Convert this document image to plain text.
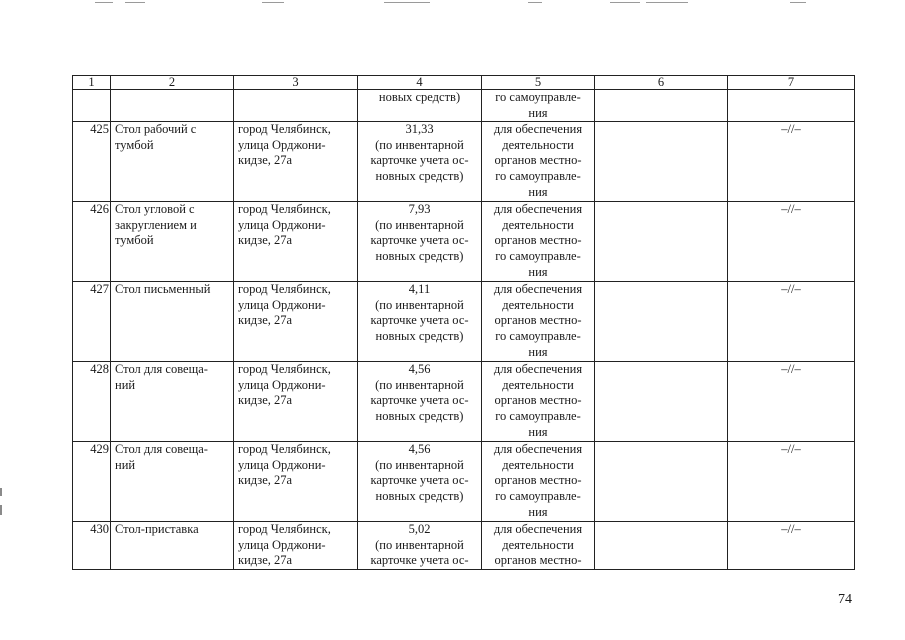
1	2	3	4	5	6	7

			новых средств)	го самоуправле-
ния		

425	Стол рабочий с
тумбой	город Челябинск,
улица Орджони-
кидзе, 27а	31,33
(по инвентарной
карточке учета ос-
новных средств)	для обеспечения
деятельности
органов местно-
го самоуправле-
ния		–//–
426	Стол угловой с
закруглением и
тумбой	город Челябинск,
улица Орджони-
кидзе, 27а	7,93
(по инвентарной
карточке учета ос-
новных средств)	для обеспечения
деятельности
органов местно-
го самоуправле-
ния		–//–
427	Стол письменный	город Челябинск,
улица Орджони-
кидзе, 27а	4,11
(по инвентарной
карточке учета ос-
новных средств)	для обеспечения
деятельности
органов местно-
го самоуправле-
ния		–//–
428	Стол для совеща-
ний	город Челябинск,
улица Орджони-
кидзе, 27а	4,56
(по инвентарной
карточке учета ос-
новных средств)	для обеспечения
деятельности
органов местно-
го самоуправле-
ния		–//–
429	Стол для совеща-
ний	город Челябинск,
улица Орджони-
кидзе, 27а	4,56
(по инвентарной
карточке учета ос-
новных средств)	для обеспечения
деятельности
органов местно-
го самоуправле-
ния		–//–
430	Стол-приставка	город Челябинск,
улица Орджони-
кидзе, 27а	5,02
(по инвентарной
карточке учета ос-	для обеспечения
деятельности
органов местно-		–//–
74
